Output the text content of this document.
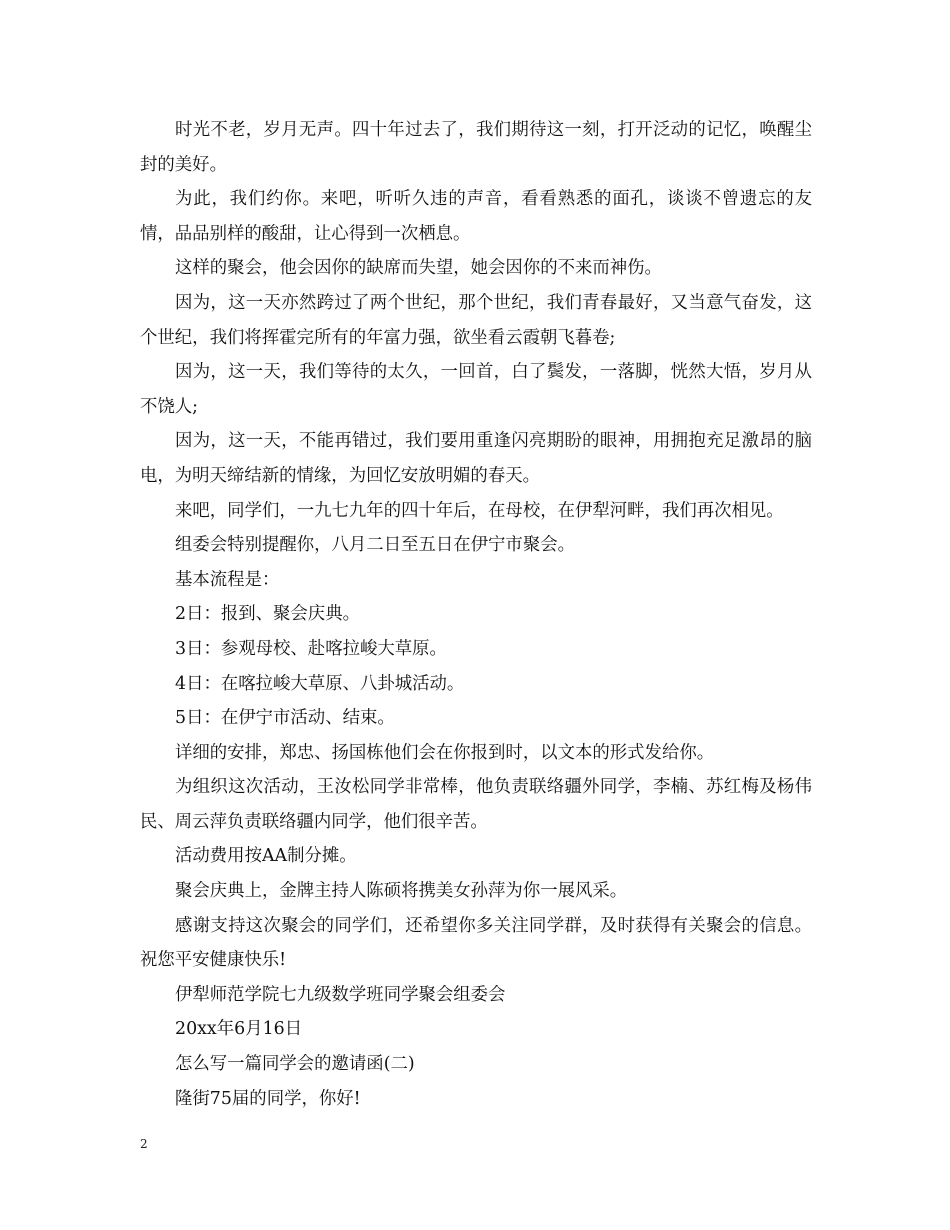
时光不老，岁月无声。四十年过去了，我们期待这一刻，打开泛动的记忆，唤醒尘封的美好。

为此，我们约你。来吧，听听久违的声音，看看熟悉的面孔，谈谈不曾遗忘的友情，品品别样的酸甜，让心得到一次栖息。

这样的聚会，他会因你的缺席而失望，她会因你的不来而神伤。

因为，这一天亦然跨过了两个世纪，那个世纪，我们青春最好，又当意气奋发，这个世纪，我们将挥霍完所有的年富力强，欲坐看云霞朝飞暮卷;

因为，这一天，我们等待的太久，一回首，白了鬓发，一落脚，恍然大悟，岁月从不饶人;

因为，这一天，不能再错过，我们要用重逢闪亮期盼的眼神，用拥抱充足激昂的脑电，为明天缔结新的情缘，为回忆安放明媚的春天。

来吧，同学们，一九七九年的四十年后，在母校，在伊犁河畔，我们再次相见。

组委会特别提醒你，八月二日至五日在伊宁市聚会。

基本流程是：

2日：报到、聚会庆典。

3日：参观母校、赴喀拉峻大草原。

4日：在喀拉峻大草原、八卦城活动。

5日：在伊宁市活动、结束。

详细的安排，郑忠、扬国栋他们会在你报到时，以文本的形式发给你。

为组织这次活动，王汝松同学非常棒，他负责联络疆外同学，李楠、苏红梅及杨伟民、周云萍负责联络疆内同学，他们很辛苦。

活动费用按AA制分摊。

聚会庆典上，金牌主持人陈硕将携美女孙萍为你一展风采。

感谢支持这次聚会的同学们，还希望你多关注同学群，及时获得有关聚会的信息。 祝您平安健康快乐!

伊犁师范学院七九级数学班同学聚会组委会

20xx年6月16日

怎么写一篇同学会的邀请函(二)

隆街75届的同学，你好!

2
